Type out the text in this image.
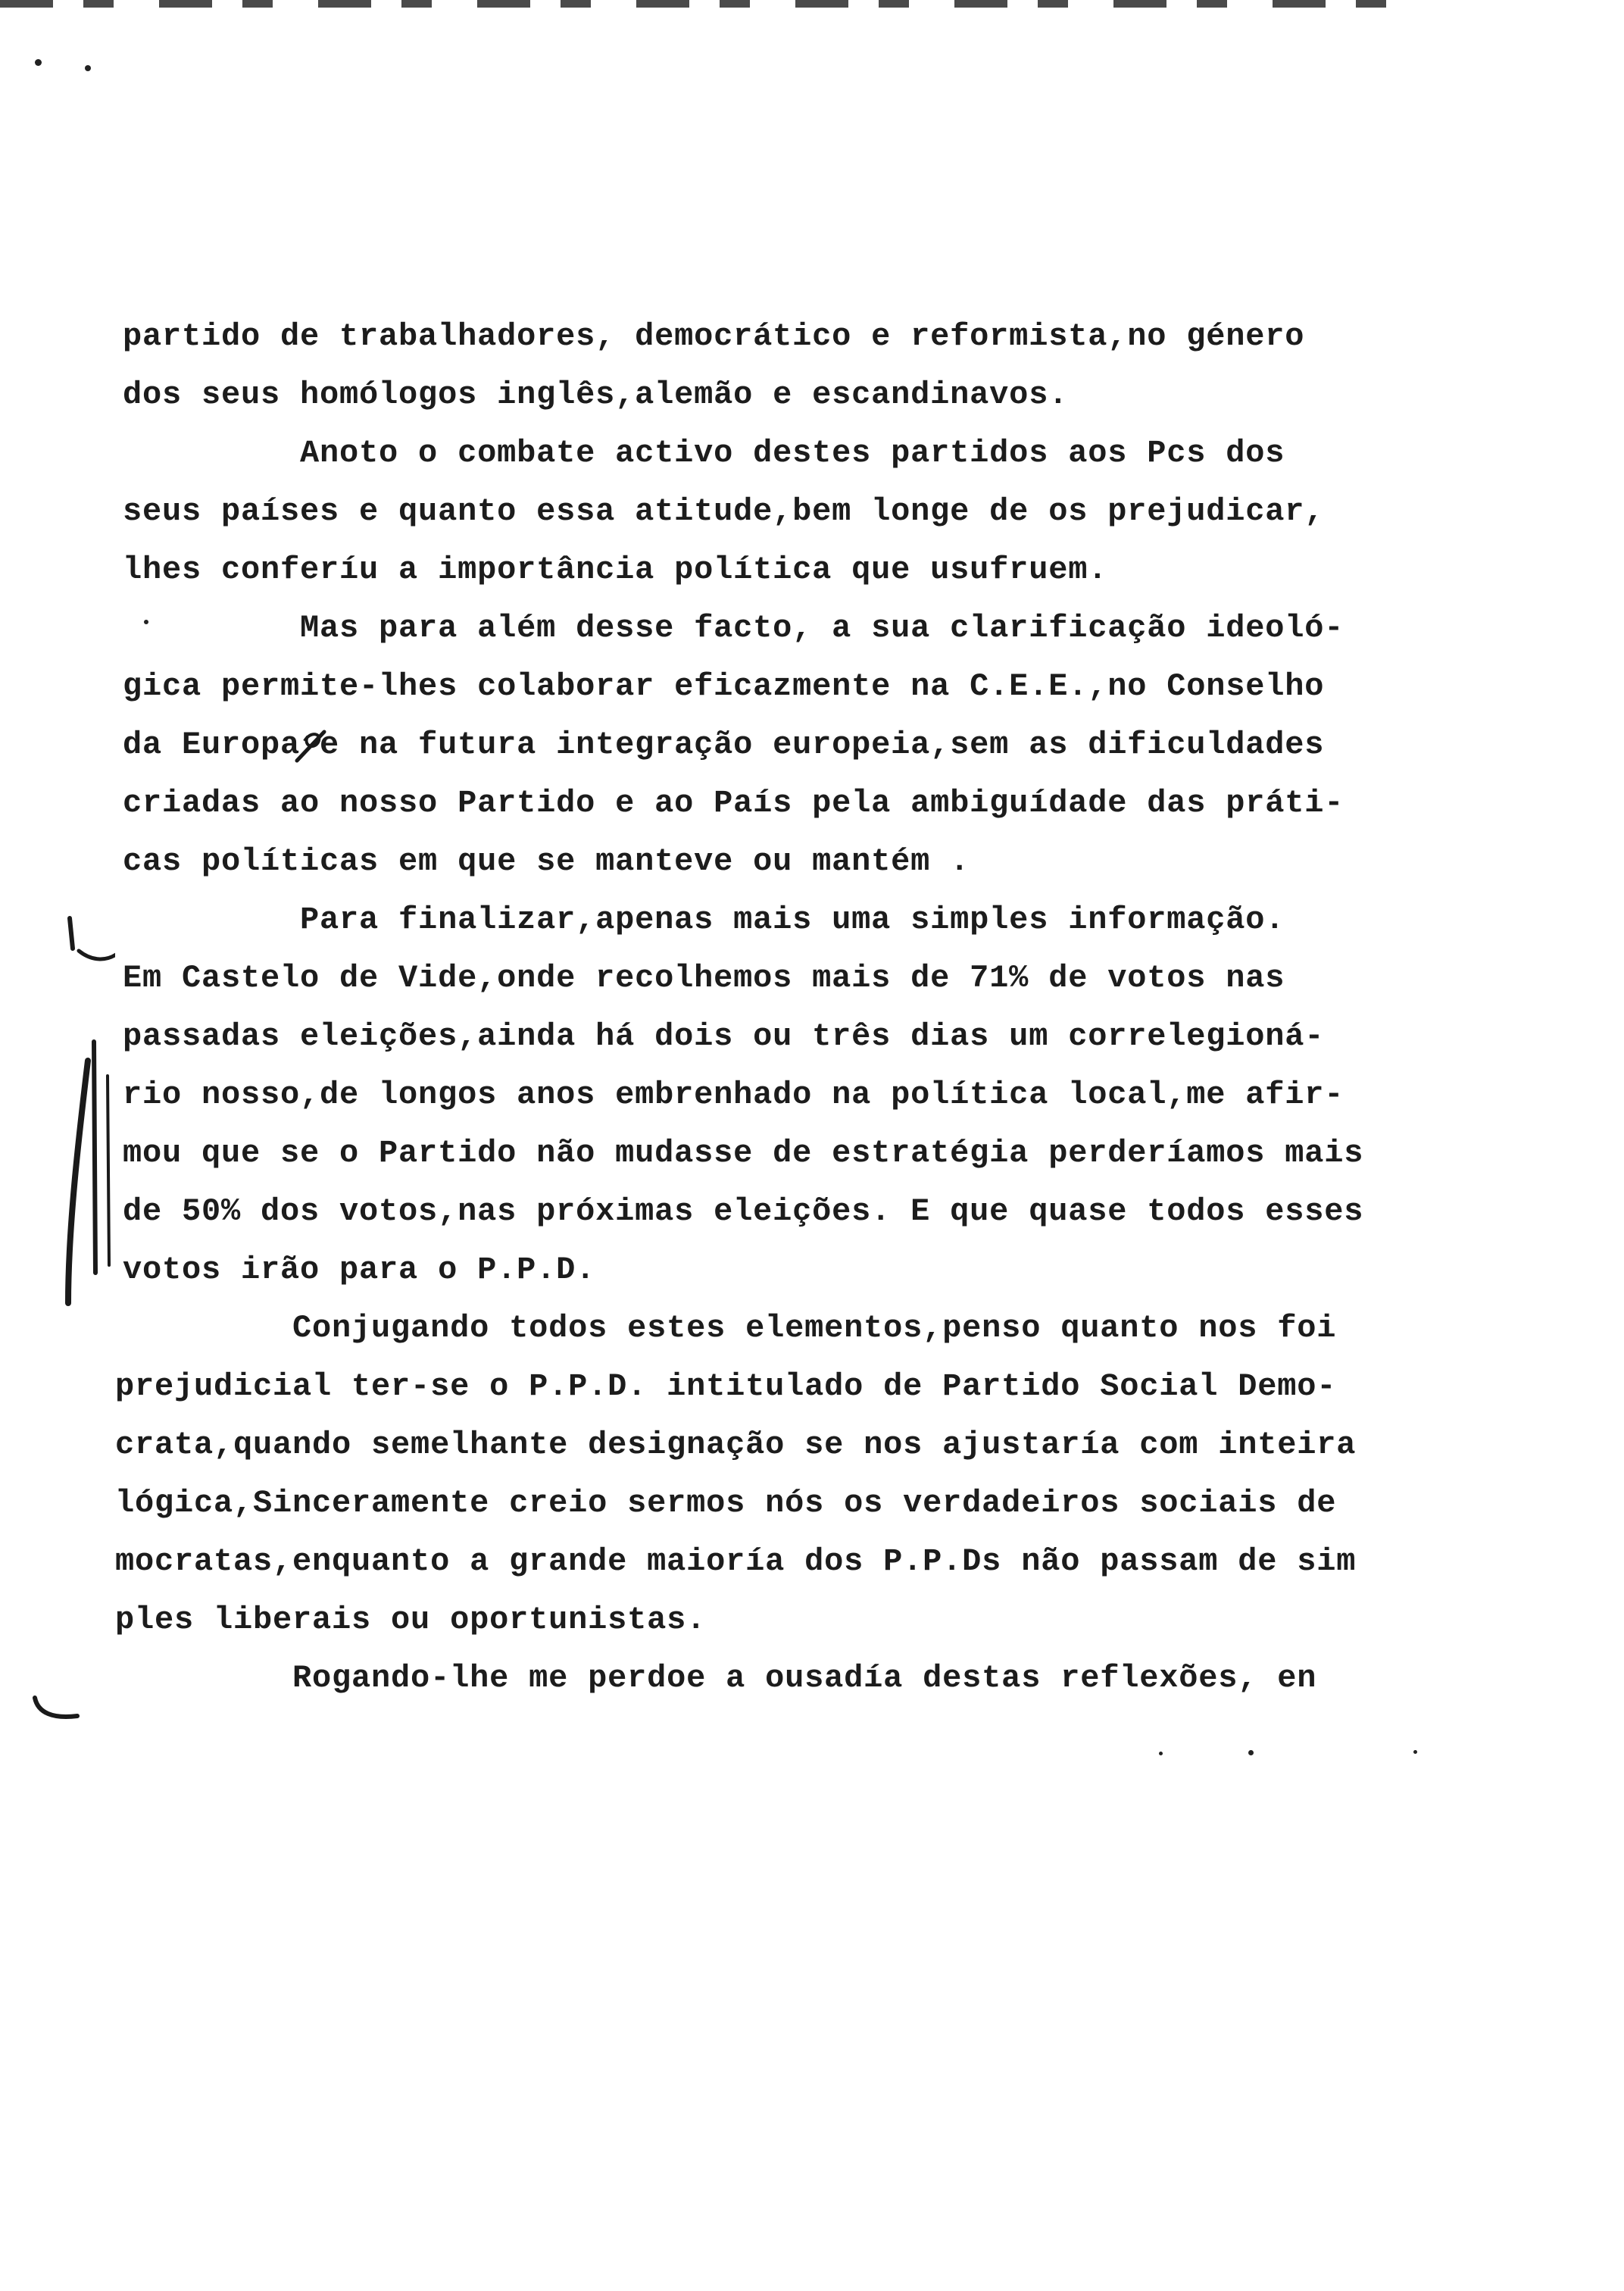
partido de trabalhadores, democrático e reformista,no género
dos seus homólogos inglês,alemão e escandinavos.
Anoto o combate activo destes partidos aos Pcs dos
seus países e quanto essa atitude,bem longe de os prejudicar,
lhes conferíu a importância política que usufruem.
Mas para além desse facto, a sua clarificação ideoló-
gica permite-lhes colaborar eficazmente na C.E.E.,no Conselho
da Europa e na futura integração europeia,sem as dificuldades
criadas ao nosso Partido e ao País pela ambiguídade das práti-
cas políticas em que se manteve ou mantém .
Para finalizar,apenas mais uma simples informação.
Em Castelo de Vide,onde recolhemos mais de 71% de votos nas
passadas eleições,ainda há dois ou três dias um correlegioná-
rio nosso,de longos anos embrenhado na política local,me afir-
mou que se o Partido não mudasse de estratégia perderíamos mais
de 50% dos votos,nas próximas eleições. E que quase todos esses
votos irão para o P.P.D.
Conjugando todos estes elementos,penso quanto nos foi
prejudicial ter-se o P.P.D. intitulado de Partido Social Demo-
crata,quando semelhante designação se nos ajustaría com inteira
lógica,Sinceramente creio sermos nós os verdadeiros sociais de
mocratas,enquanto a grande maioría dos P.P.Ds não passam de sim
ples liberais ou oportunistas.
Rogando-lhe me perdoe a ousadía destas reflexões, en
